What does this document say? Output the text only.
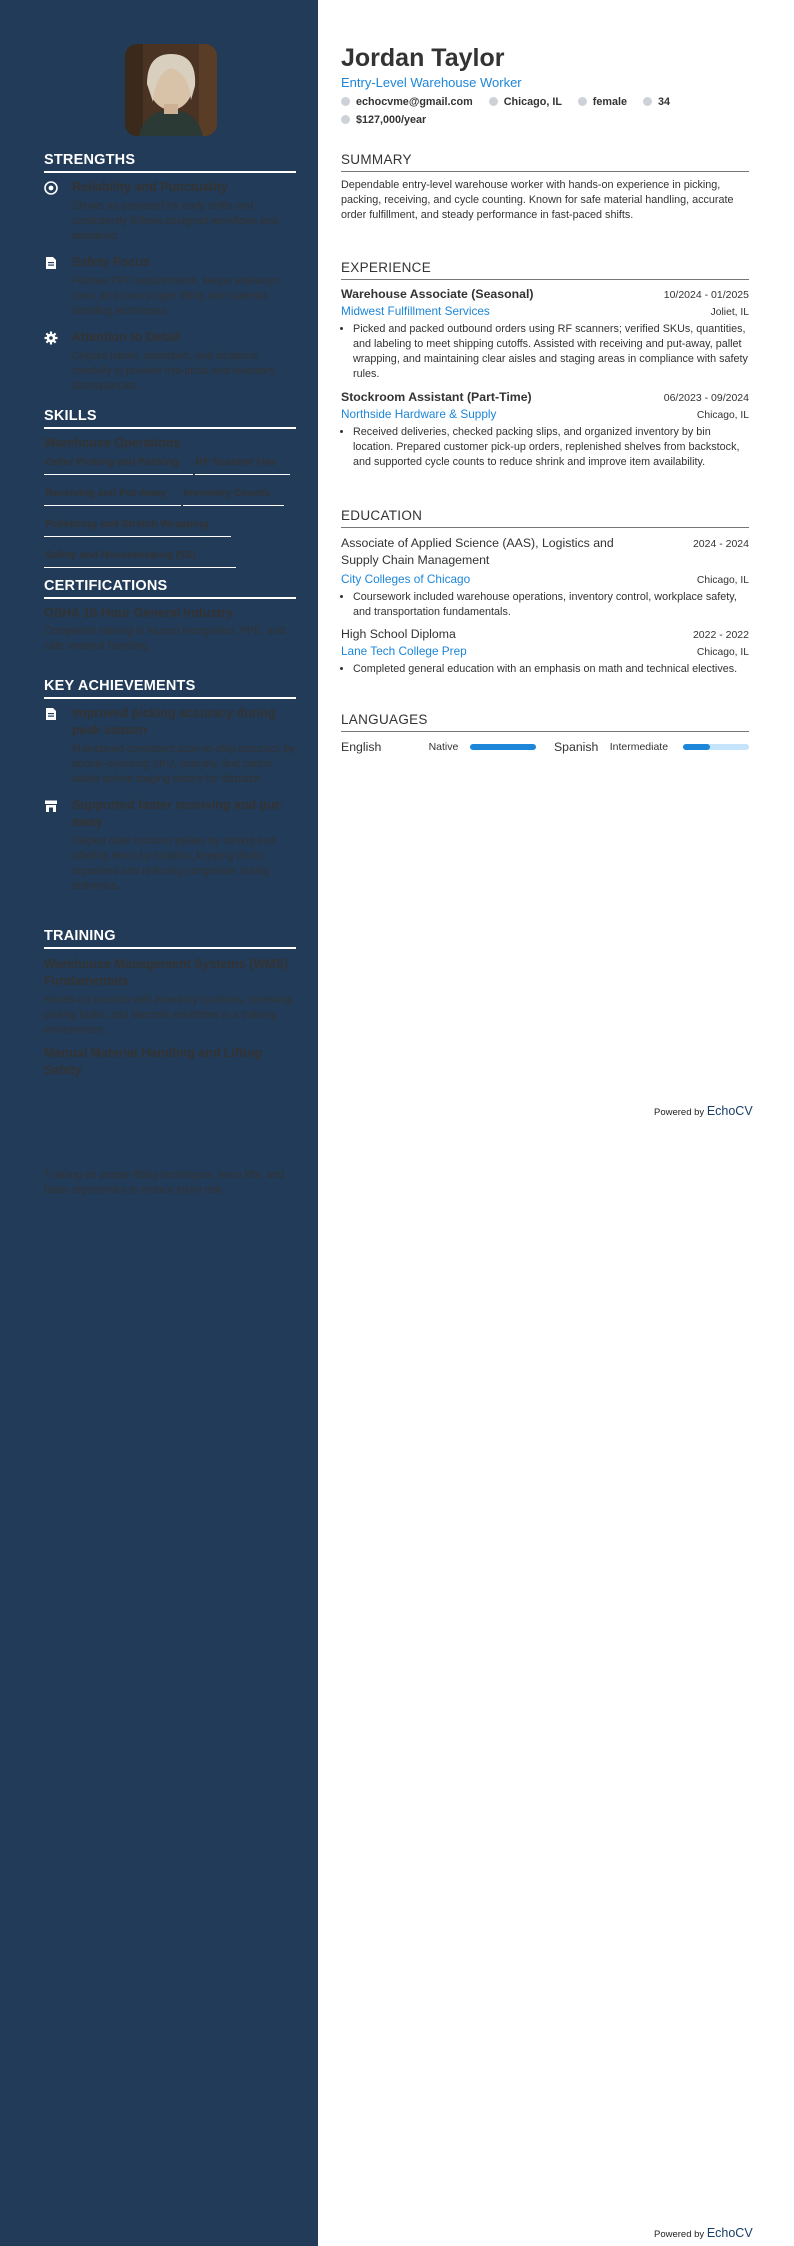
STRENGTHS
Reliability and Punctuality
Shows up prepared for early shifts and consistently follows assigned workflows and deadlines.
Safety Focus
Follows PPE requirements, keeps walkways clear, and uses proper lifting and material-handling techniques.
Attention to Detail
Checks labels, quantities, and locations carefully to prevent mis-picks and inventory discrepancies.
SKILLS
Warehouse Operations
Order Picking and Packing	RF Scanner Use
Receiving and Put-Away	Inventory Counts
Palletizing and Stretch Wrapping
Safety and Housekeeping (5S)
CERTIFICATIONS
OSHA 10-Hour General Industry
Completed training in hazard recognition, PPE, and safe material handling.
KEY ACHIEVEMENTS
Improved picking accuracy during peak season
Maintained consistent scan-to-ship accuracy by double-checking SKU, quantity, and carton labels before staging orders for dispatch.
Supported faster receiving and put-away
Helped clear inbound pallets by sorting and labeling items by location, keeping docks organized and reducing congestion during deliveries.
TRAINING
Warehouse Management Systems (WMS) Fundamentals
Hands-on practice with inventory locations, receiving, picking tasks, and barcode workflows in a training environment.
Manual Material Handling and Lifting Safety
Training on proper lifting techniques, team lifts, and basic ergonomics to reduce injury risk.
Jordan Taylor
Entry-Level Warehouse Worker
echocvme@gmail.com	Chicago, IL	female	34
$127,000/year
SUMMARY
Dependable entry-level warehouse worker with hands-on experience in picking, packing, receiving, and cycle counting. Known for safe material handling, accurate order fulfillment, and steady performance in fast-paced shifts.
EXPERIENCE
Warehouse Associate (Seasonal)	10/2024 - 01/2025
Midwest Fulfillment Services	Joliet, IL
• Picked and packed outbound orders using RF scanners; verified SKUs, quantities, and labeling to meet shipping cutoffs. Assisted with receiving and put-away, pallet wrapping, and maintaining clear aisles and staging areas in compliance with safety rules.
Stockroom Assistant (Part-Time)	06/2023 - 09/2024
Northside Hardware & Supply	Chicago, IL
• Received deliveries, checked packing slips, and organized inventory by bin location. Prepared customer pick-up orders, replenished shelves from backstock, and supported cycle counts to reduce shrink and improve item availability.
EDUCATION
Associate of Applied Science (AAS), Logistics and Supply Chain Management
2024 - 2024
City Colleges of Chicago	Chicago, IL
• Coursework included warehouse operations, inventory control, workplace safety, and transportation fundamentals.
High School Diploma	2022 - 2022
Lane Tech College Prep	Chicago, IL
• Completed general education with an emphasis on math and technical electives.
LANGUAGES
English	Native	Spanish	Intermediate
Powered by EchoCV
Powered by EchoCV
